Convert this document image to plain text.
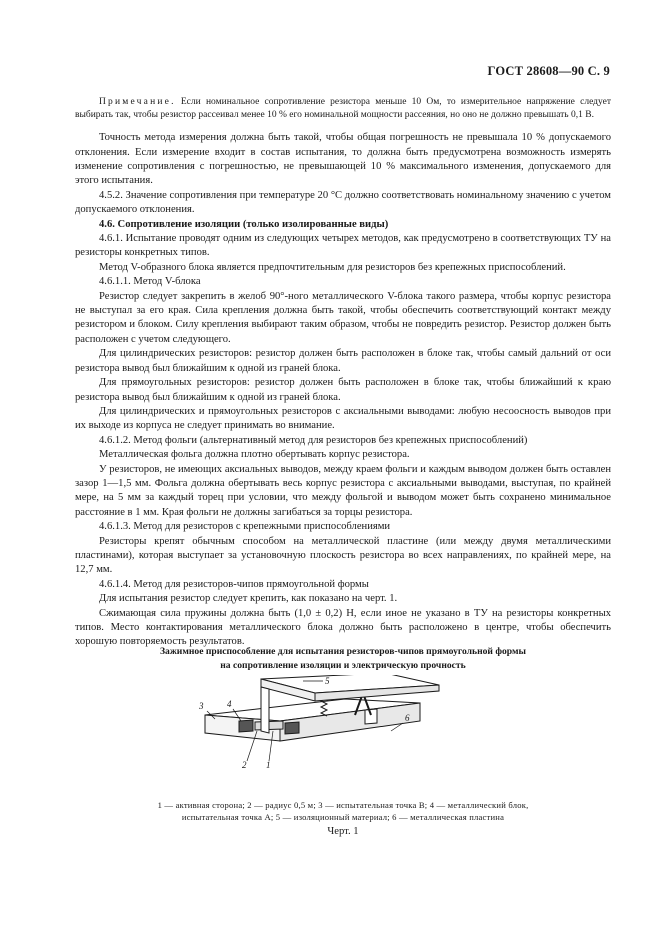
ГОСТ 28608—90 С. 9

Примечание. Если номинальное сопротивление резистора меньше 10 Ом, то измерительное напряжение следует выбирать так, чтобы резистор рассеивал менее 10 % его номинальной мощности рассеяния, но оно не должно превышать 0,1 В.

Точность метода измерения должна быть такой, чтобы общая погрешность не превышала 10 % допускаемого отклонения. Если измерение входит в состав испытания, то должна быть предусмотрена возможность измерять изменение сопротивления с погрешностью, не превышающей 10 % максимального изменения, допускаемого для этого испытания.

4.5.2. Значение сопротивления при температуре 20 °С должно соответствовать номинальному значению с учетом допускаемого отклонения.

4.6. Сопротивление изоляции (только изолированные виды)

4.6.1. Испытание проводят одним из следующих четырех методов, как предусмотрено в соответствующих ТУ на резисторы конкретных типов.

Метод V-образного блока является предпочтительным для резисторов без крепежных приспособлений.

4.6.1.1. Метод V-блока

Резистор следует закрепить в желоб 90°-ного металлического V-блока такого размера, чтобы корпус резистора не выступал за его края. Сила крепления должна быть такой, чтобы обеспечить соответствующий контакт между резистором и блоком. Силу крепления выбирают таким образом, чтобы не повредить резистор. Резистор должен быть расположен с учетом следующего.

Для цилиндрических резисторов: резистор должен быть расположен в блоке так, чтобы самый дальний от оси резистора вывод был ближайшим к одной из граней блока.

Для прямоугольных резисторов: резистор должен быть расположен в блоке так, чтобы ближайший к краю резистора вывод был ближайшим к одной из граней блока.

Для цилиндрических и прямоугольных резисторов с аксиальными выводами: любую несоосность выводов при их выходе из корпуса не следует принимать во внимание.

4.6.1.2. Метод фольги (альтернативный метод для резисторов без крепежных приспособлений)

Металлическая фольга должна плотно обертывать корпус резистора.

У резисторов, не имеющих аксиальных выводов, между краем фольги и каждым выводом должен быть оставлен зазор 1—1,5 мм. Фольга должна обертывать весь корпус резистора с аксиальными выводами, выступая, по крайней мере, на 5 мм за каждый торец при условии, что между фольгой и выводом может быть сохранено минимальное расстояние в 1 мм. Края фольги не должны загибаться за торцы резистора.

4.6.1.3. Метод для резисторов с крепежными приспособлениями

Резисторы крепят обычным способом на металлической пластине (или между двумя металлическими пластинами), которая выступает за установочную плоскость резистора во всех направлениях, по крайней мере, на 12,7 мм.

4.6.1.4. Метод для резисторов-чипов прямоугольной формы

Для испытания резистор следует крепить, как показано на черт. 1.

Сжимающая сила пружины должна быть (1,0 ± 0,2) Н, если иное не указано в ТУ на резисторы конкретных типов. Место контактирования металлического блока должно быть расположено в центре, чтобы обеспечить хорошую повторяемость результатов.

Зажимное приспособление для испытания резисторов-чипов прямоугольной формы
на сопротивление изоляции и электрическую прочность
1
2
3	4
5
6
1 — активная сторона; 2 — радиус 0,5 м; 3 — испытательная точка В; 4 — металлический блок,
испытательная точка А; 5 — изоляционный материал; 6 — металлическая пластина
Черт. 1
